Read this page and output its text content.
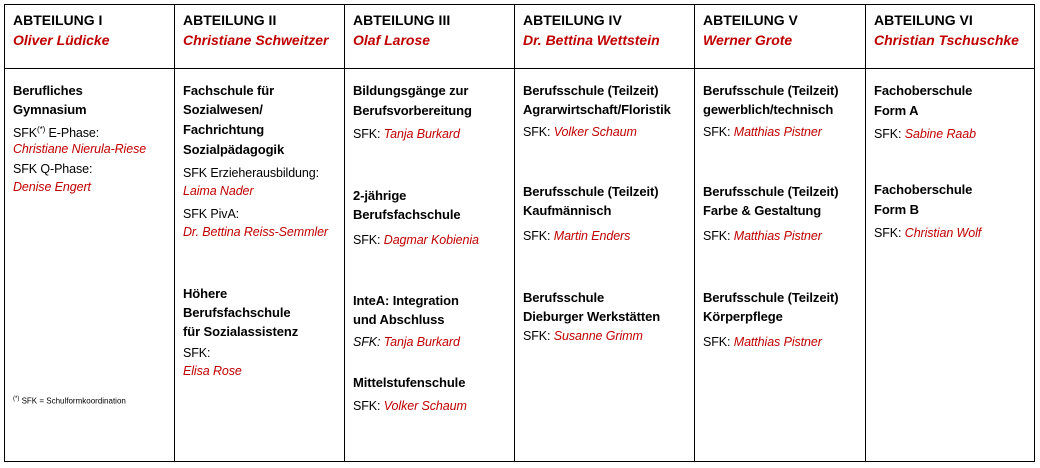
ABTEILUNG I
Oliver Lüdicke
Berufliches
Gymnasium
SFK(*) E-Phase:
Christiane Nierula-Riese
SFK Q-Phase:
Denise Engert
(*) SFK = Schulformkoordination
ABTEILUNG II
Christiane Schweitzer
Fachschule für
Sozialwesen/
Fachrichtung
Sozialpädagogik
SFK Erzieherausbildung:
Laima Nader
SFK PivA:
Dr. Bettina Reiss-Semmler
Höhere
Berufsfachschule
für Sozialassistenz
SFK:
Elisa Rose
ABTEILUNG III
Olaf Larose
Bildungsgänge zur
Berufsvorbereitung
SFK: Tanja Burkard
2-jährige
Berufsfachschule
SFK: Dagmar Kobienia
InteA: Integration
und Abschluss
SFK: Tanja Burkard
Mittelstufenschule
SFK: Volker Schaum
ABTEILUNG IV
Dr. Bettina Wettstein
Berufsschule (Teilzeit)
Agrarwirtschaft/Floristik
SFK: Volker Schaum
Berufsschule (Teilzeit)
Kaufmännisch
SFK: Martin Enders
Berufsschule
Dieburger Werkstätten
SFK: Susanne Grimm
ABTEILUNG V
Werner Grote
Berufsschule (Teilzeit)
gewerblich/technisch
SFK: Matthias Pistner
Berufsschule (Teilzeit)
Farbe & Gestaltung
SFK: Matthias Pistner
Berufsschule (Teilzeit)
Körperpflege
SFK: Matthias Pistner
ABTEILUNG VI
Christian Tschuschke
Fachoberschule
Form A
SFK: Sabine Raab
Fachoberschule
Form B
SFK: Christian Wolf
